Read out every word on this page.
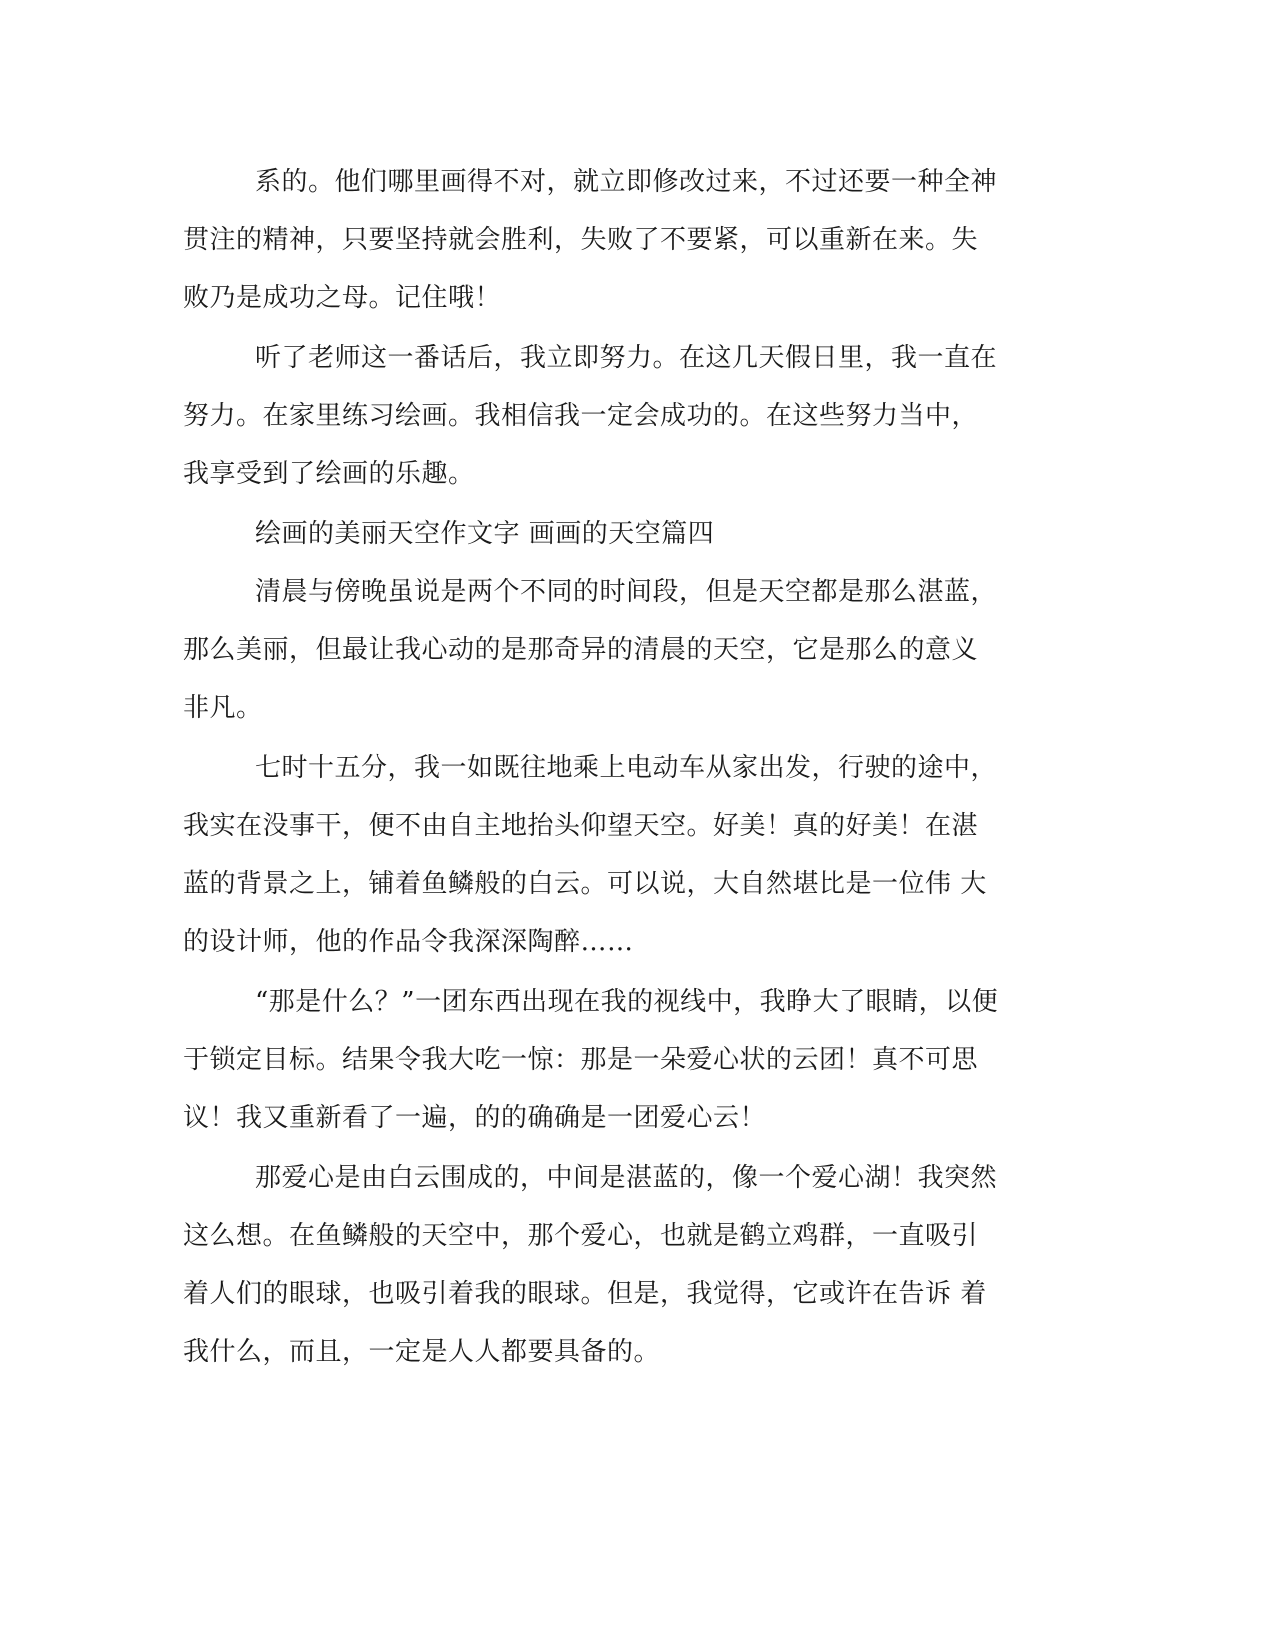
系的。他们哪里画得不对，就立即修改过来，不过还要一种全神
贯注的精神，只要坚持就会胜利，失败了不要紧，可以重新在来。失
败乃是成功之母。记住哦！
听了老师这一番话后，我立即努力。在这几天假日里，我一直在
努力。在家里练习绘画。我相信我一定会成功的。在这些努力当中，
我享受到了绘画的乐趣。
绘画的美丽天空作文字 画画的天空篇四
清晨与傍晚虽说是两个不同的时间段，但是天空都是那么湛蓝，
那么美丽，但最让我心动的是那奇异的清晨的天空，它是那么的意义
非凡。
七时十五分，我一如既往地乘上电动车从家出发，行驶的途中，
我实在没事干，便不由自主地抬头仰望天空。好美！真的好美！在湛
蓝的背景之上，铺着鱼鳞般的白云。可以说，大自然堪比是一位伟 大
的设计师，他的作品令我深深陶醉……
“那是什么？”一团东西出现在我的视线中，我睁大了眼睛，以便
于锁定目标。结果令我大吃一惊：那是一朵爱心状的云团！真不可思
议！我又重新看了一遍，的的确确是一团爱心云！
那爱心是由白云围成的，中间是湛蓝的，像一个爱心湖！我突然
这么想。在鱼鳞般的天空中，那个爱心，也就是鹤立鸡群，一直吸引
着人们的眼球，也吸引着我的眼球。但是，我觉得，它或许在告诉 着
我什么，而且，一定是人人都要具备的。
